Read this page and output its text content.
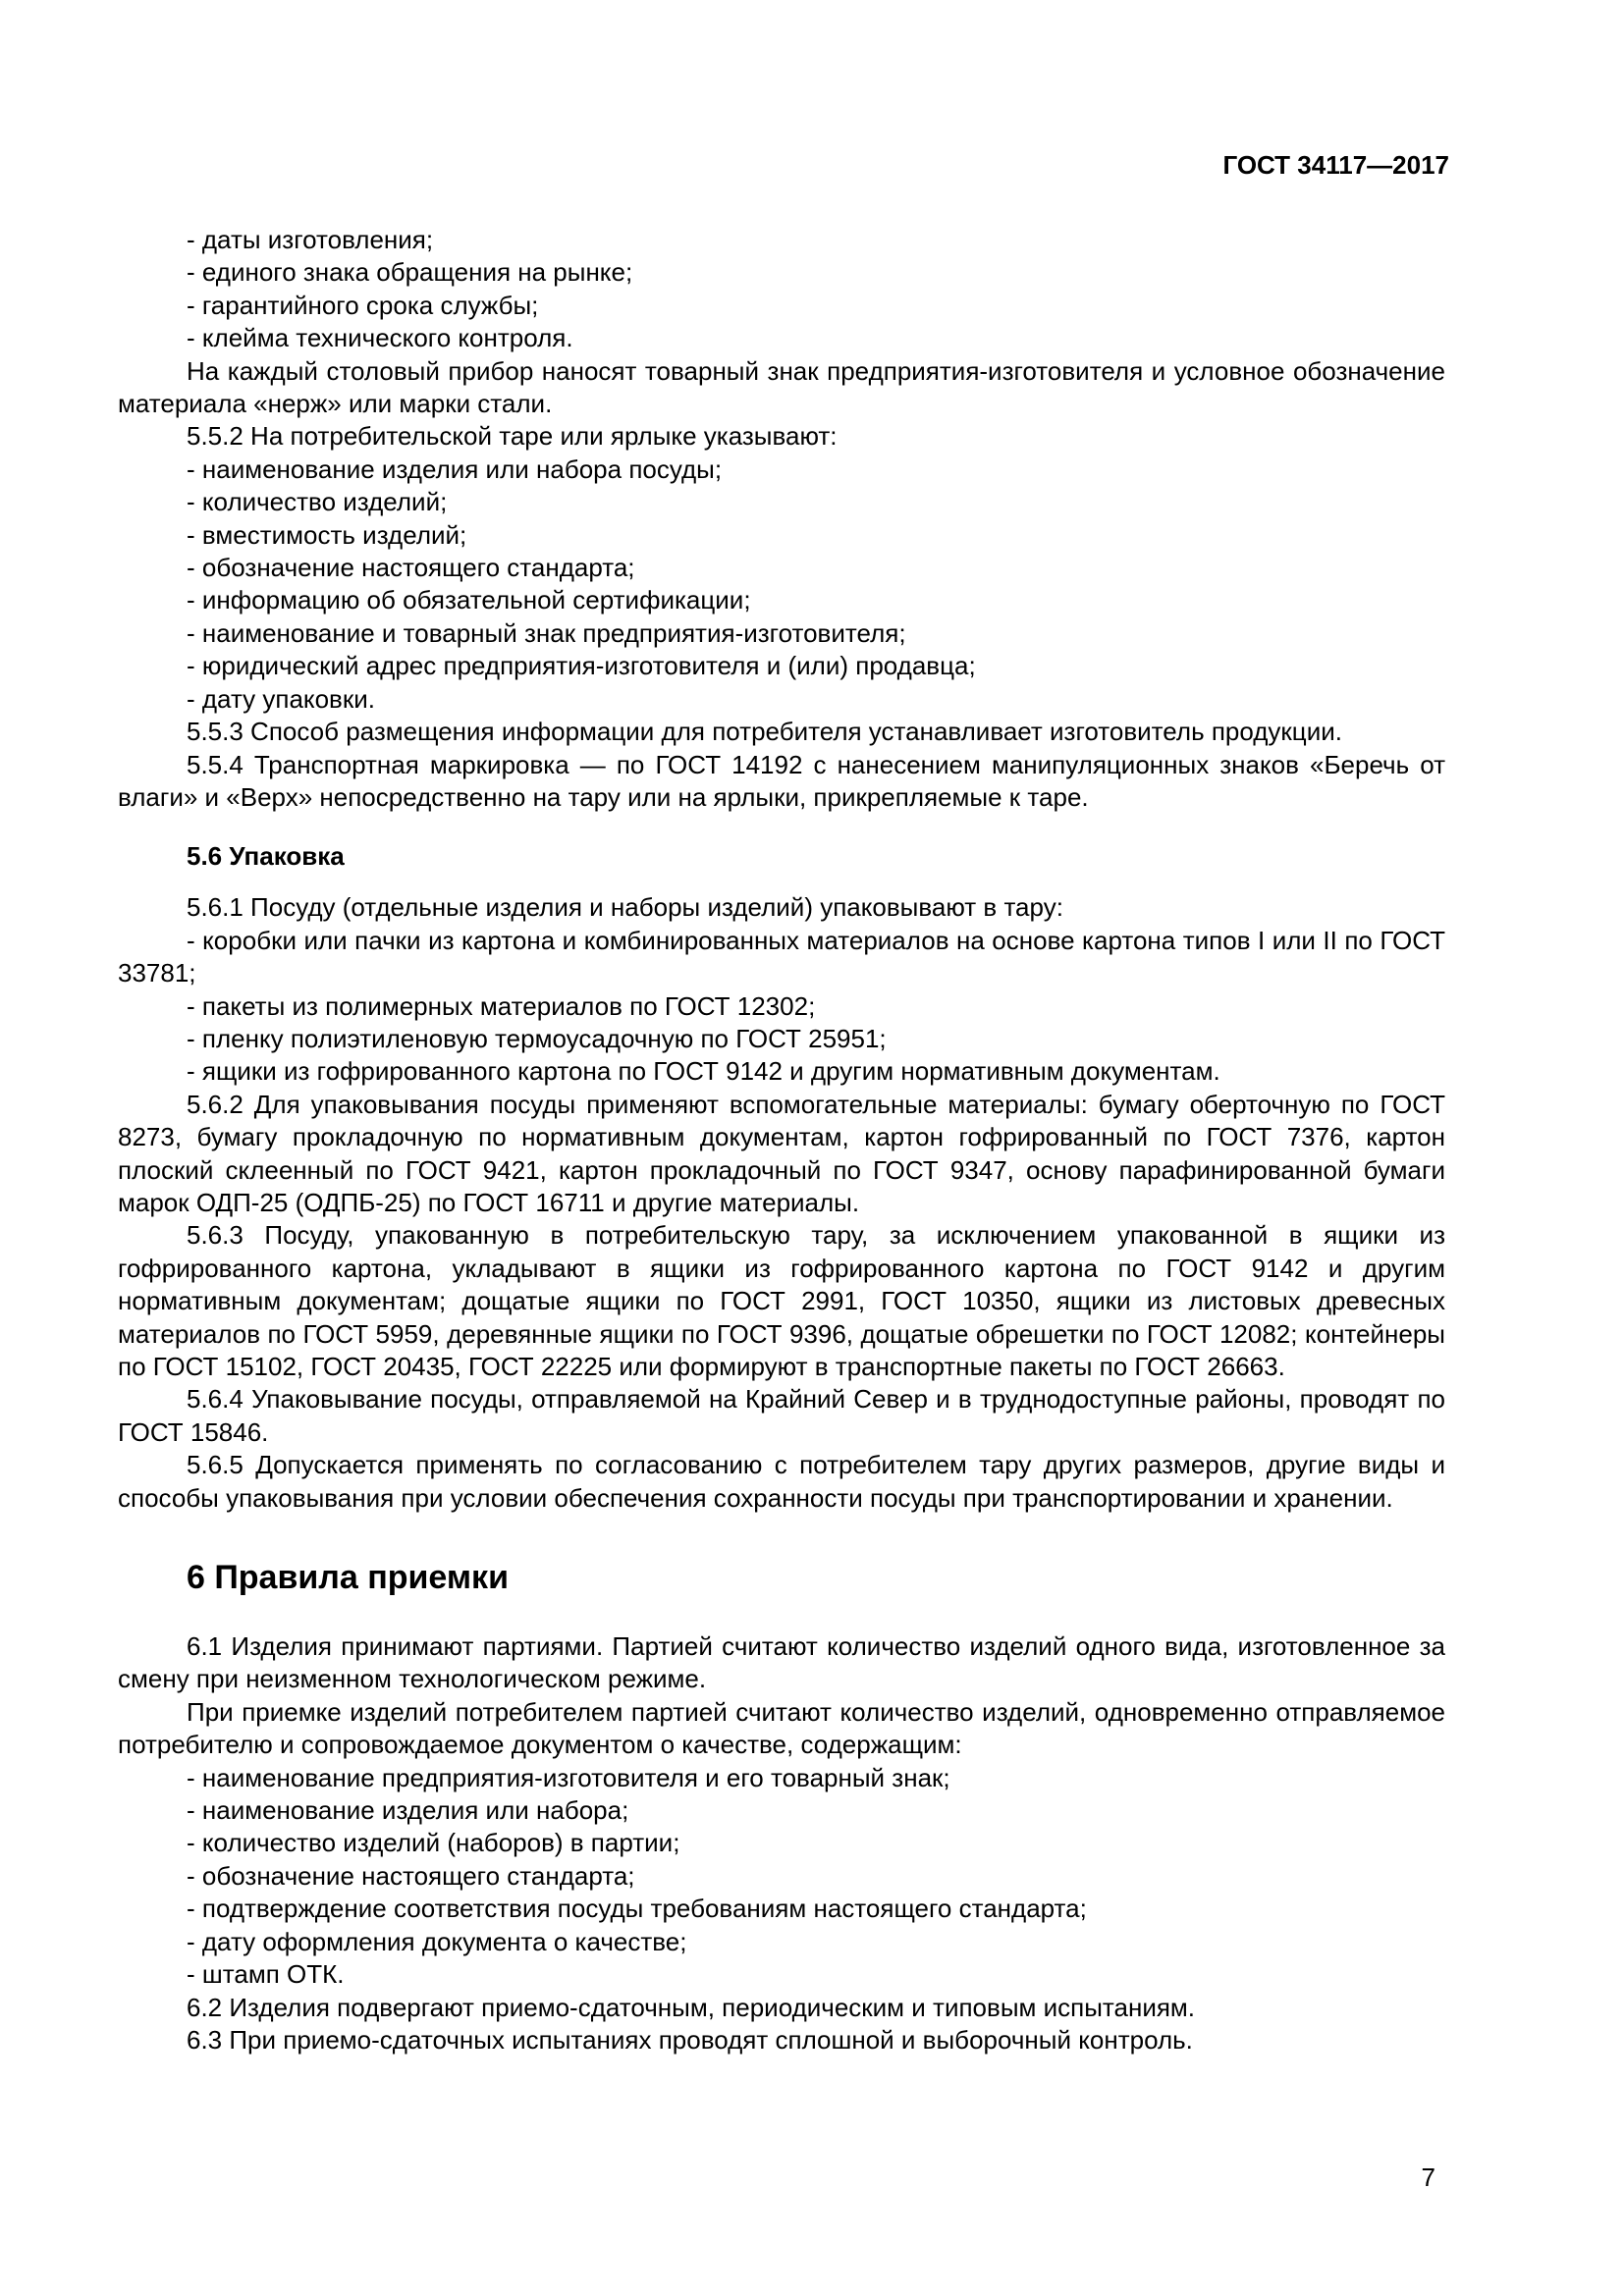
ГОСТ 34117—2017

- даты изготовления;

- единого знака обращения на рынке;

- гарантийного срока службы;

- клейма технического контроля.

На каждый столовый прибор наносят товарный знак предприятия-изготовителя и условное обозначение материала «нерж» или марки стали.

5.5.2 На потребительской таре или ярлыке указывают:

- наименование изделия или набора посуды;

- количество изделий;

- вместимость изделий;

- обозначение настоящего стандарта;

- информацию об обязательной сертификации;

- наименование и товарный знак предприятия-изготовителя;

- юридический адрес предприятия-изготовителя и (или) продавца;

- дату упаковки.

5.5.3 Способ размещения информации для потребителя устанавливает изготовитель продукции.

5.5.4 Транспортная маркировка — по ГОСТ 14192 с нанесением манипуляционных знаков «Беречь от влаги» и «Верх» непосредственно на тару или на ярлыки, прикрепляемые к таре.

5.6 Упаковка

5.6.1 Посуду (отдельные изделия и наборы изделий) упаковывают в тару:

- коробки или пачки из картона и комбинированных материалов на основе картона типов I или II по ГОСТ 33781;

- пакеты из полимерных материалов по ГОСТ 12302;

- пленку полиэтиленовую термоусадочную по ГОСТ 25951;

- ящики из гофрированного картона по ГОСТ 9142 и другим нормативным документам.

5.6.2 Для упаковывания посуды применяют вспомогательные материалы: бумагу оберточную по ГОСТ 8273, бумагу прокладочную по нормативным документам, картон гофрированный по ГОСТ 7376, картон плоский склеенный по ГОСТ 9421, картон прокладочный по ГОСТ 9347, основу парафинированной бумаги марок ОДП-25 (ОДПБ-25) по ГОСТ 16711 и другие материалы.

5.6.3 Посуду, упакованную в потребительскую тару, за исключением упакованной в ящики из гофрированного картона, укладывают в ящики из гофрированного картона по ГОСТ 9142 и другим нормативным документам; дощатые ящики по ГОСТ 2991, ГОСТ 10350, ящики из листовых древесных материалов по ГОСТ 5959, деревянные ящики по ГОСТ 9396, дощатые обрешетки по ГОСТ 12082; контейнеры по ГОСТ 15102, ГОСТ 20435, ГОСТ 22225 или формируют в транспортные пакеты по ГОСТ 26663.

5.6.4 Упаковывание посуды, отправляемой на Крайний Север и в труднодоступные районы, проводят по ГОСТ 15846.

5.6.5 Допускается применять по согласованию с потребителем тару других размеров, другие виды и способы упаковывания при условии обеспечения сохранности посуды при транспортировании и хранении.

6 Правила приемки

6.1 Изделия принимают партиями. Партией считают количество изделий одного вида, изготовленное за смену при неизменном технологическом режиме.

При приемке изделий потребителем партией считают количество изделий, одновременно отправляемое потребителю и сопровождаемое документом о качестве, содержащим:

- наименование предприятия-изготовителя и его товарный знак;

- наименование изделия или набора;

- количество изделий (наборов) в партии;

- обозначение настоящего стандарта;

- подтверждение соответствия посуды требованиям настоящего стандарта;

- дату оформления документа о качестве;

- штамп ОТК.

6.2 Изделия подвергают приемо-сдаточным, периодическим и типовым испытаниям.

6.3 При приемо-сдаточных испытаниях проводят сплошной и выборочный контроль.

7
